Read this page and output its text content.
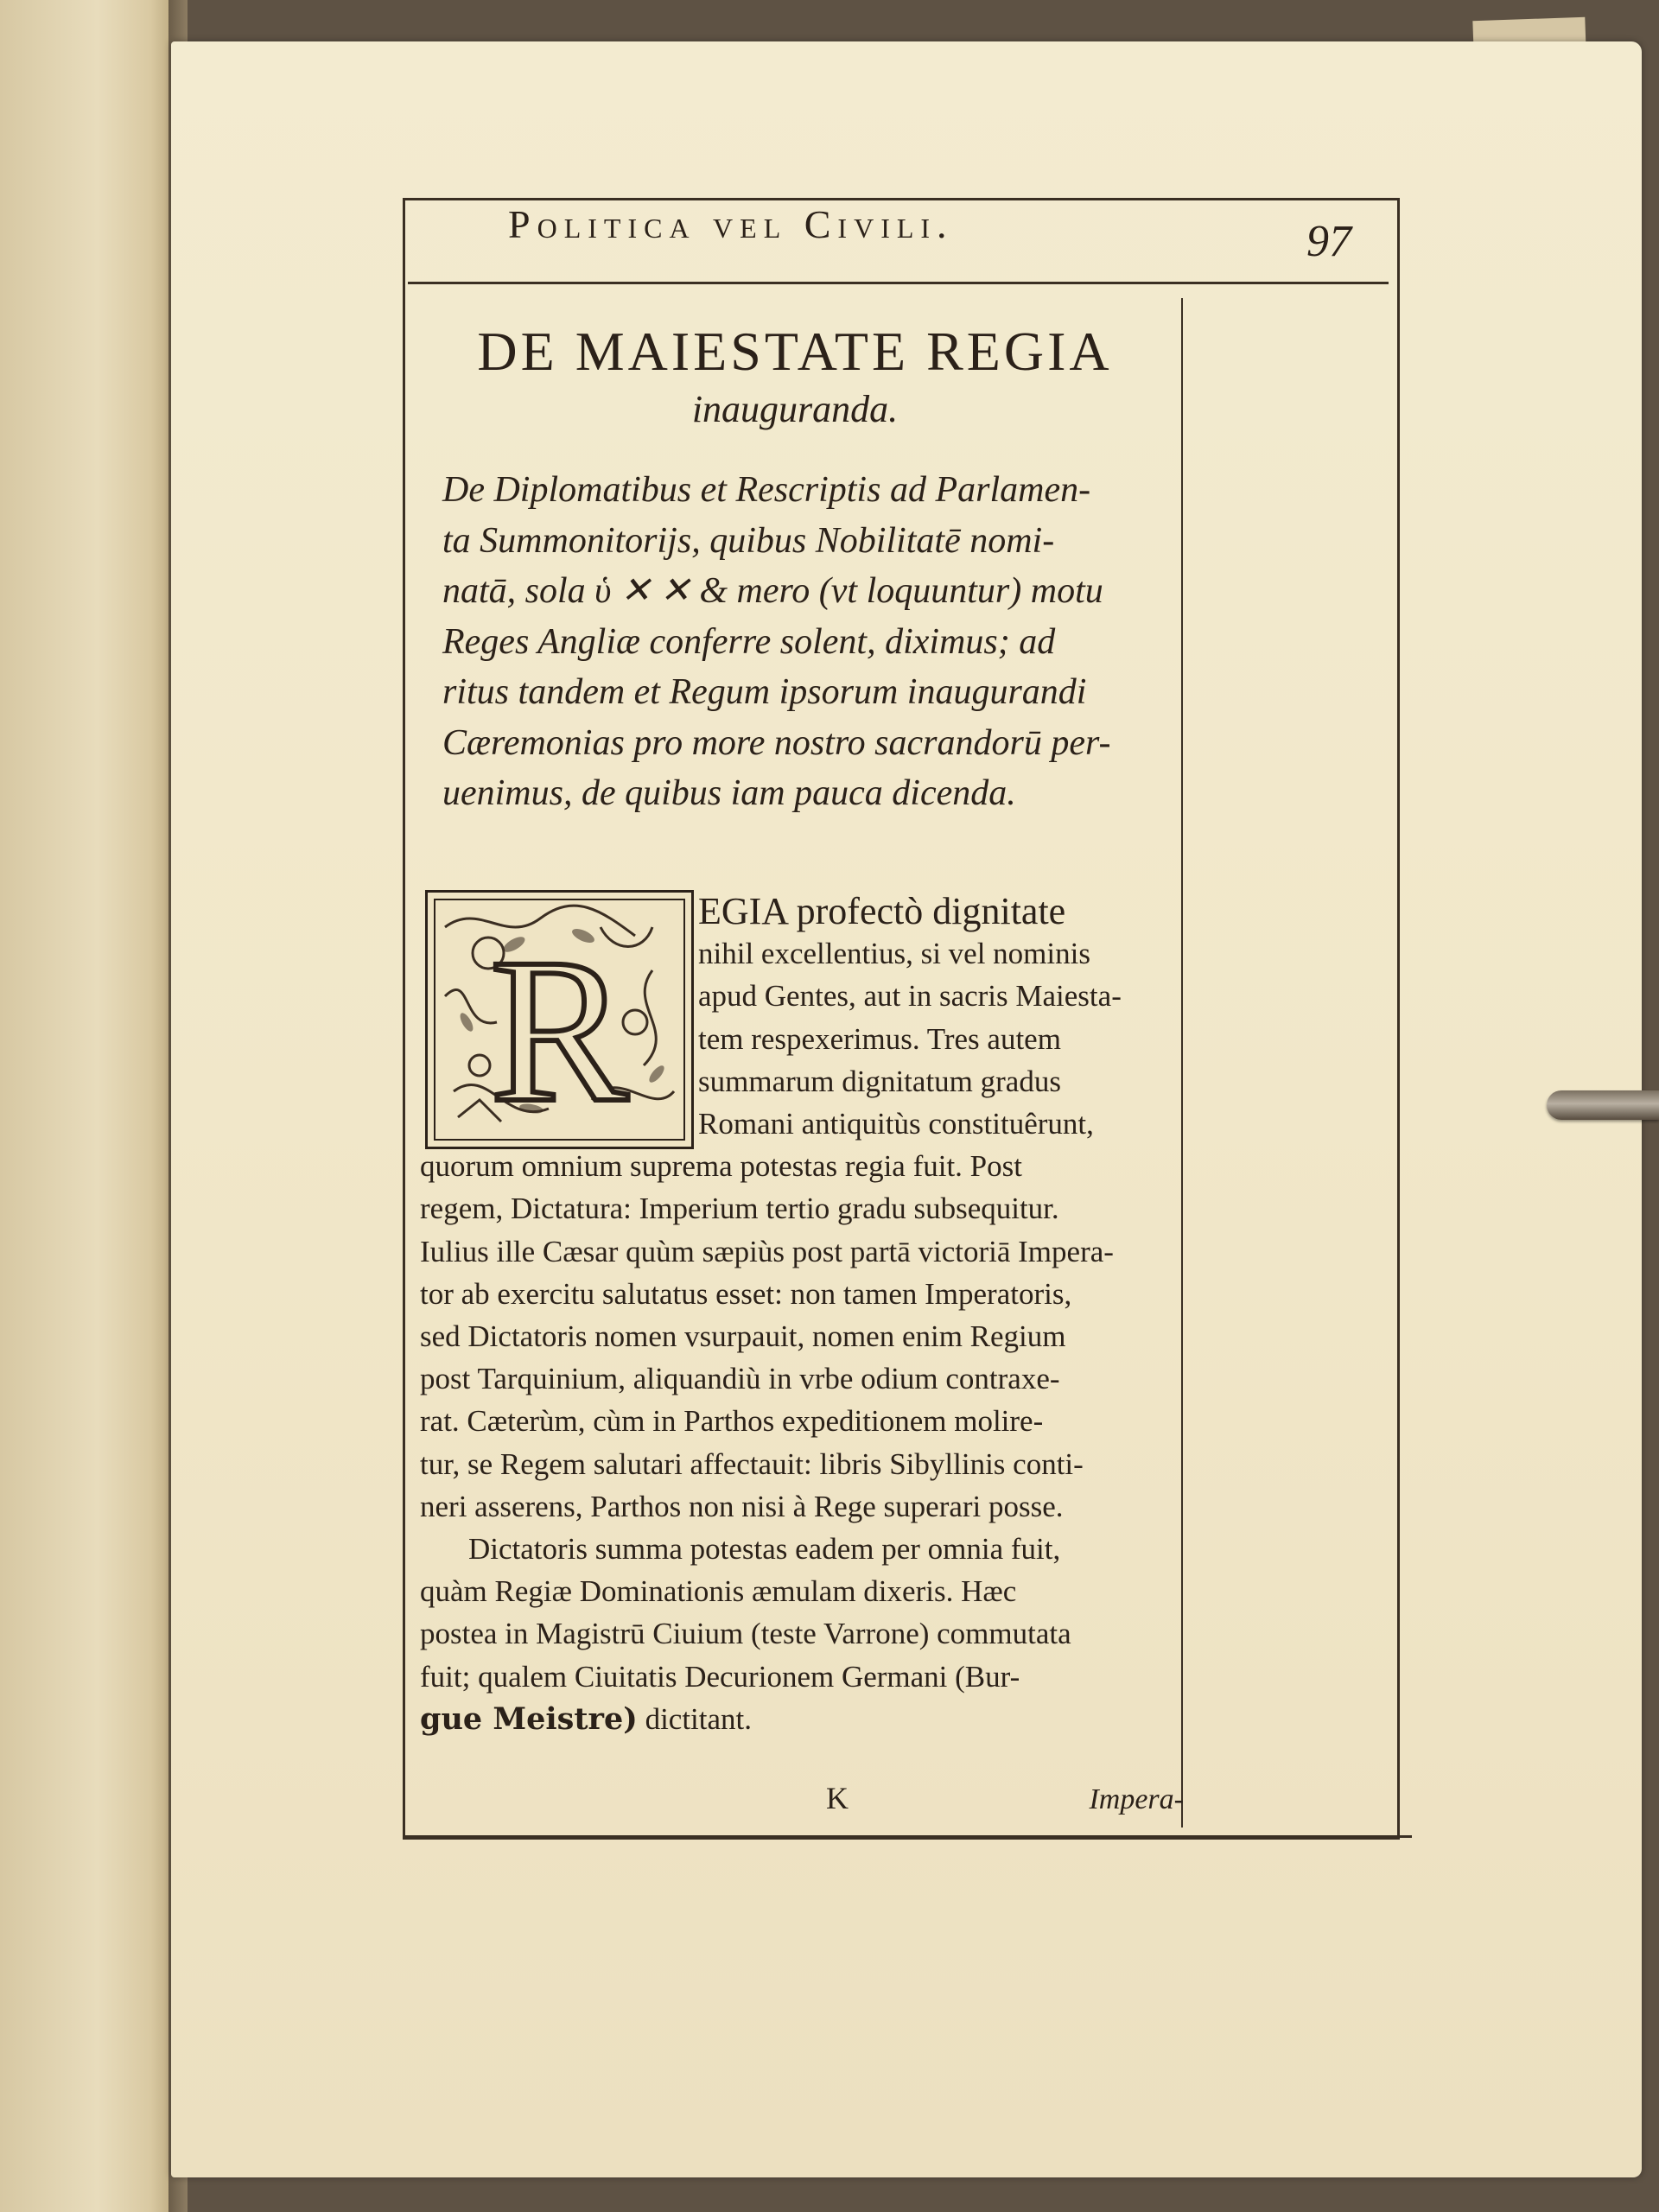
Politica vel Civili.	97
DE MAIESTATE REGIA
inauguranda.
De Diplomatibus et Rescriptis ad Parlamen-
ta Summonitorijs, quibus Nobilitatē nomi-
natā, sola ὑ ✕ ✕ & mero (vt loquuntur) motu
Reges Angliæ conferre solent, diximus; ad
ritus tandem et Regum ipsorum inaugurandi
Cæremonias pro more nostro sacrandorū per-
uenimus, de quibus iam pauca dicenda.
R
EGIA profectò dignitate
nihil excellentius, si vel nominis
apud Gentes, aut in sacris Maiesta-
tem respexerimus. Tres autem
summarum dignitatum gradus
Romani antiquitùs constituêrunt,
quorum omnium suprema potestas regia fuit. Post
regem, Dictatura: Imperium tertio gradu subsequitur.
Iulius ille Cæsar quùm sæpiùs post partā victoriā Impera-
tor ab exercitu salutatus esset: non tamen Imperatoris,
sed Dictatoris nomen vsurpauit, nomen enim Regium
post Tarquinium, aliquandiù in vrbe odium contraxe-
rat. Cæterùm, cùm in Parthos expeditionem molire-
tur, se Regem salutari affectauit: libris Sibyllinis conti-
neri asserens, Parthos non nisi à Rege superari posse.
Dictatoris summa potestas eadem per omnia fuit,
quàm Regiæ Dominationis æmulam dixeris. Hæc
postea in Magistrū Ciuium (teste Varrone) commutata
fuit; qualem Ciuitatis Decurionem Germani (Bur-
gue Meistre) dictitant.
K	Impera-
